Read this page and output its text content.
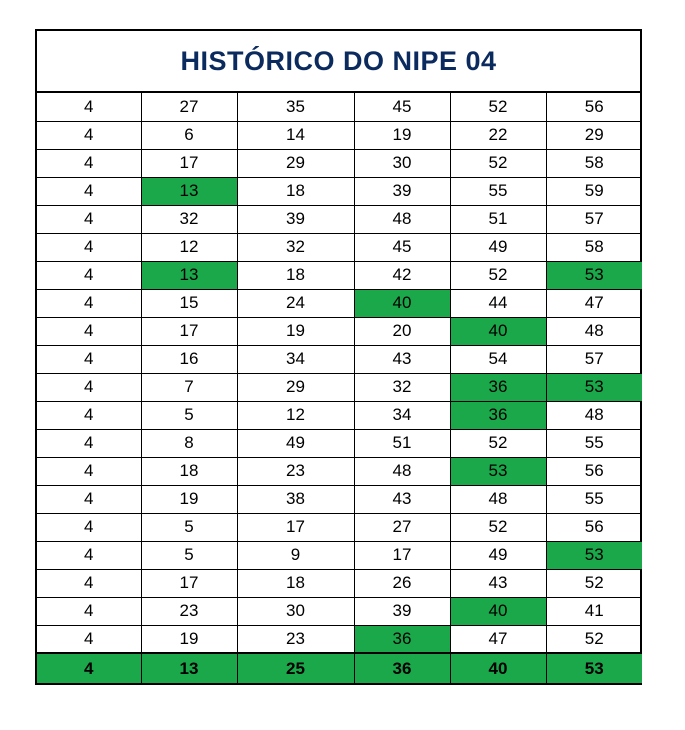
HISTÓRICO DO NIPE 04
4	27	35	45	52	56
4	6	14	19	22	29
4	17	29	30	52	58
4	13	18	39	55	59
4	32	39	48	51	57
4	12	32	45	49	58
4	13	18	42	52	53
4	15	24	40	44	47
4	17	19	20	40	48
4	16	34	43	54	57
4	7	29	32	36	53
4	5	12	34	36	48
4	8	49	51	52	55
4	18	23	48	53	56
4	19	38	43	48	55
4	5	17	27	52	56
4	5	9	17	49	53
4	17	18	26	43	52
4	23	30	39	40	41
4	19	23	36	47	52
4	13	25	36	40	53
